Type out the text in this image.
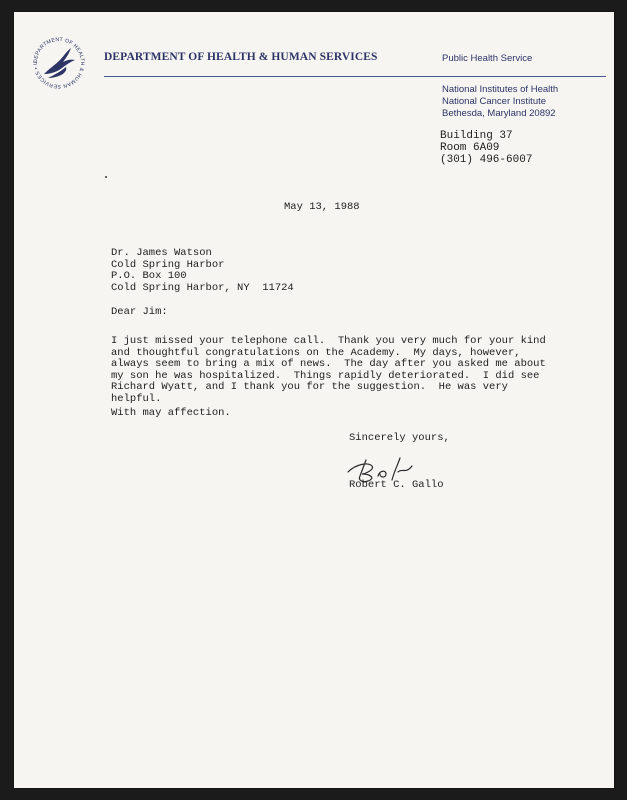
DEPARTMENT OF HEALTH & HUMAN SERVICES • U
DEPARTMENT OF HEALTH & HUMAN SERVICES	Public Health Service
National Institutes of Health
National Cancer Institute
Bethesda, Maryland 20892
Building 37
Room 6A09
(301) 496-6007
May 13, 1988
Dr. James Watson
Cold Spring Harbor
P.O. Box 100
Cold Spring Harbor, NY  11724
Dear Jim:
I just missed your telephone call.  Thank you very much for your kind
and thoughtful congratulations on the Academy.  My days, however,
always seem to bring a mix of news.  The day after you asked me about
my son he was hospitalized.  Things rapidly deteriorated.  I did see
Richard Wyatt, and I thank you for the suggestion.  He was very
helpful.
With may affection.
Sincerely yours,
Robert C. Gallo
